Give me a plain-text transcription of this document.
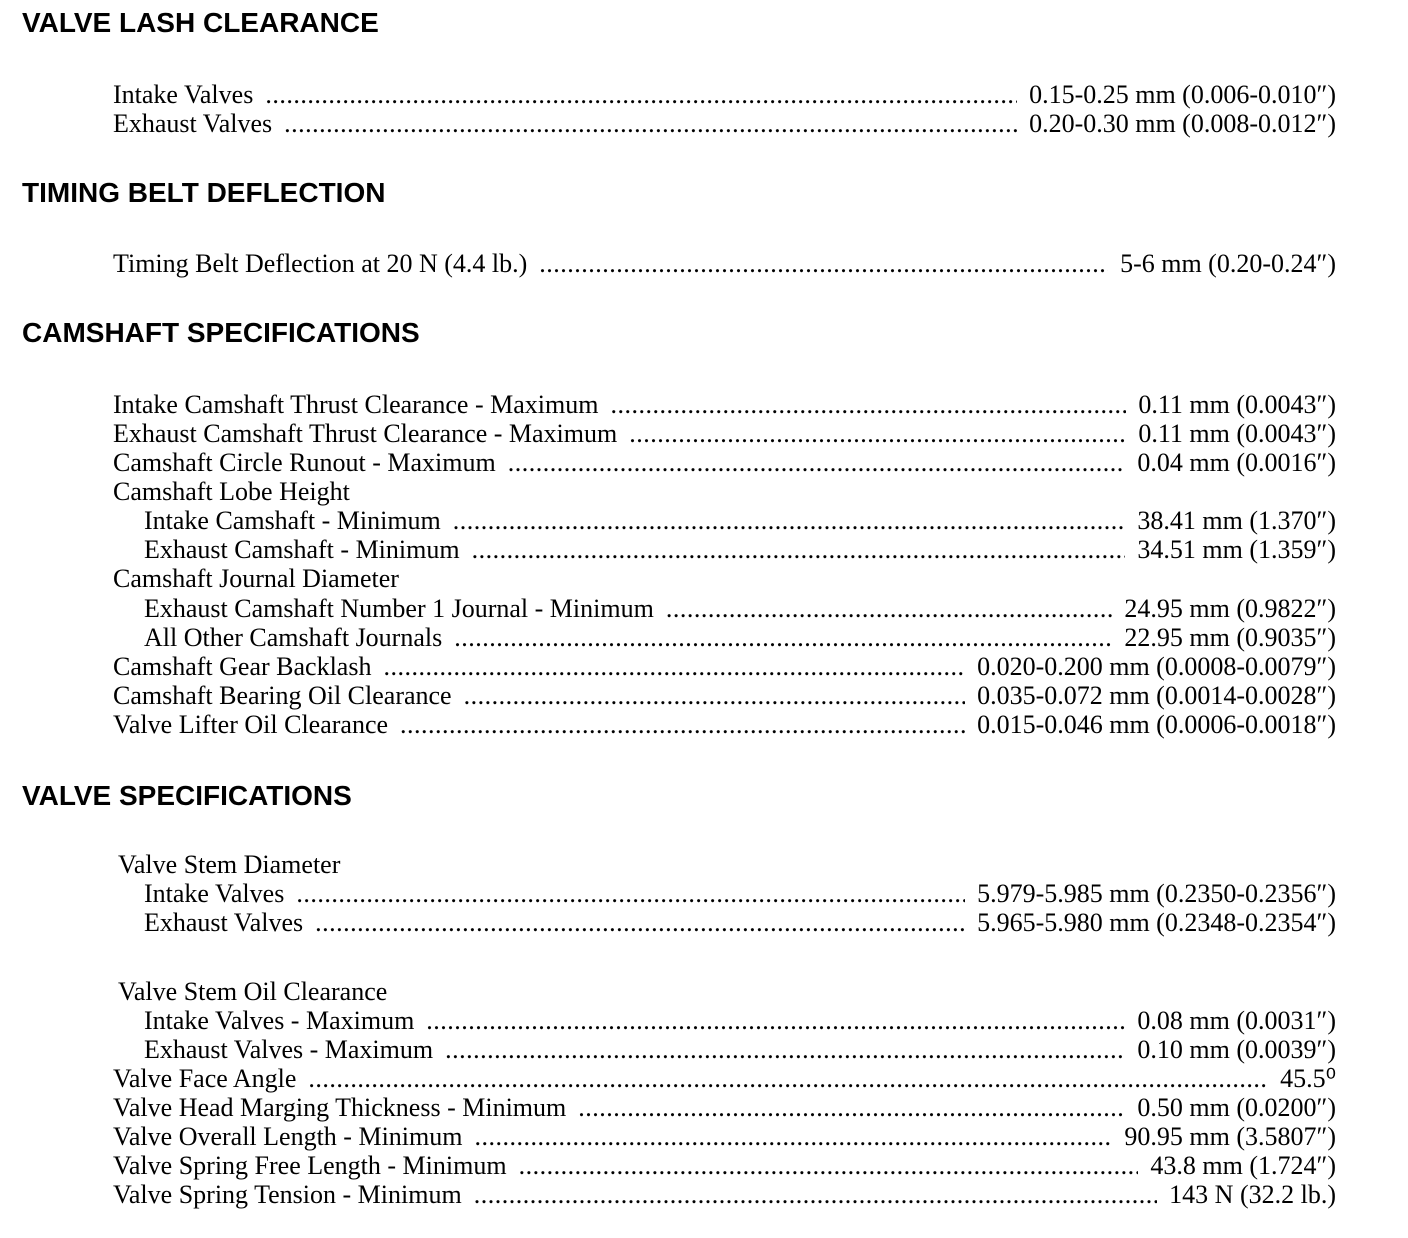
VALVE LASH CLEARANCE
Intake Valves . . .	0.15-0.25 mm (0.006-0.010″)
Exhaust Valves . . .	0.20-0.30 mm (0.008-0.012″)
TIMING BELT DEFLECTION
Timing Belt Deflection at 20 N (4.4 lb.) . . .	5-6 mm (0.20-0.24″)
CAMSHAFT SPECIFICATIONS
Intake Camshaft Thrust Clearance - Maximum . . .	0.11 mm (0.0043″)
Exhaust Camshaft Thrust Clearance - Maximum . . .	0.11 mm (0.0043″)
Camshaft Circle Runout - Maximum . . .	0.04 mm (0.0016″)
Camshaft Lobe Height
Intake Camshaft - Minimum . . .	38.41 mm (1.370″)
Exhaust Camshaft - Minimum . . .	34.51 mm (1.359″)
Camshaft Journal Diameter
Exhaust Camshaft Number 1 Journal - Minimum . . .	24.95 mm (0.9822″)
All Other Camshaft Journals . . .	22.95 mm (0.9035″)
Camshaft Gear Backlash . . .	0.020-0.200 mm (0.0008-0.0079″)
Camshaft Bearing Oil Clearance . . .	0.035-0.072 mm (0.0014-0.0028″)
Valve Lifter Oil Clearance . . .	0.015-0.046 mm (0.0006-0.0018″)
VALVE SPECIFICATIONS
Valve Stem Diameter
Intake Valves . . .	5.979-5.985 mm (0.2350-0.2356″)
Exhaust Valves . . .	5.965-5.980 mm (0.2348-0.2354″)
Valve Stem Oil Clearance
Intake Valves - Maximum . . .	0.08 mm (0.0031″)
Exhaust Valves - Maximum . . .	0.10 mm (0.0039″)
Valve Face Angle . . .	45.5⁰
Valve Head Marging Thickness - Minimum . . .	0.50 mm (0.0200″)
Valve Overall Length - Minimum . . .	90.95 mm (3.5807″)
Valve Spring Free Length - Minimum . . .	43.8 mm (1.724″)
Valve Spring Tension - Minimum . . .	143 N (32.2 lb.)
